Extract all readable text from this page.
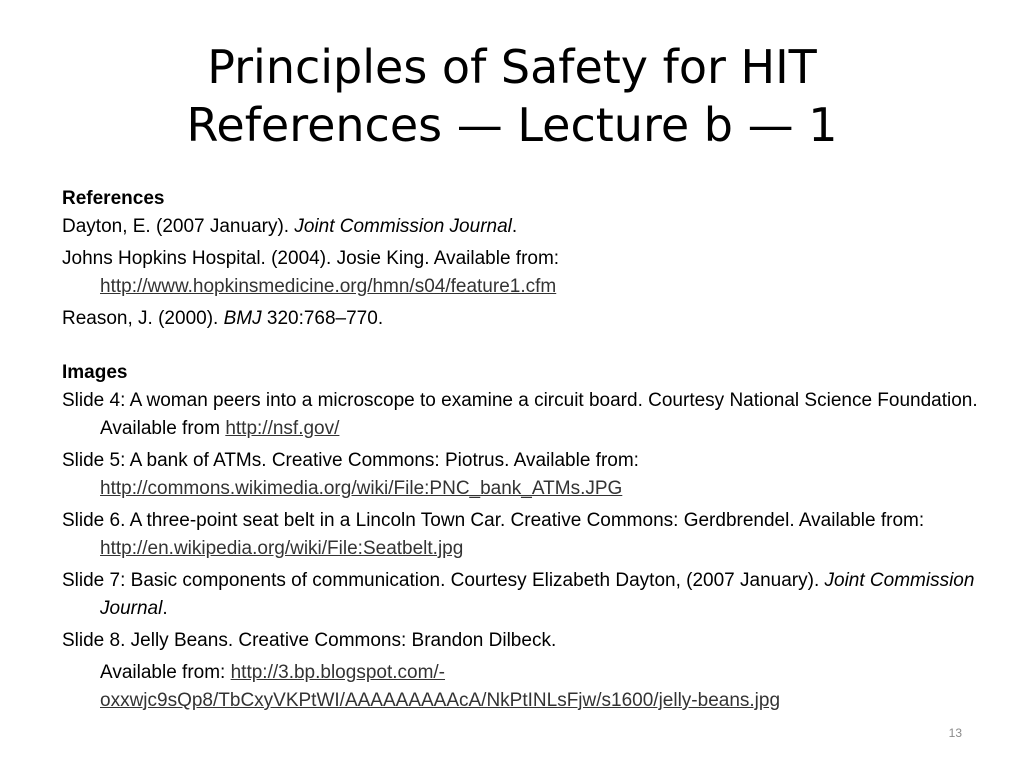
Principles of Safety for HIT
References — Lecture b — 1

References

Dayton, E. (2007 January). Joint Commission Journal.

Johns Hopkins Hospital. (2004). Josie King. Available from: http://www.hopkinsmedicine.org/hmn/s04/feature1.cfm

Reason, J. (2000). BMJ 320:768–770.

Images

Slide 4: A woman peers into a microscope to examine a circuit board. Courtesy National Science Foundation. Available from http://nsf.gov/

Slide 5: A bank of ATMs. Creative Commons: Piotrus. Available from: http://commons.wikimedia.org/wiki/File:PNC_bank_ATMs.JPG

Slide 6. A three-point seat belt in a Lincoln Town Car. Creative Commons: Gerdbrendel. Available from: http://en.wikipedia.org/wiki/File:Seatbelt.jpg

Slide 7: Basic components of communication. Courtesy Elizabeth Dayton, (2007 January). Joint Commission Journal.

Slide 8. Jelly Beans. Creative Commons: Brandon Dilbeck.

Available from: http://3.bp.blogspot.com/-oxxwjc9sQp8/TbCxyVKPtWI/AAAAAAAAAcA/NkPtINLsFjw/s1600/jelly-beans.jpg

13
